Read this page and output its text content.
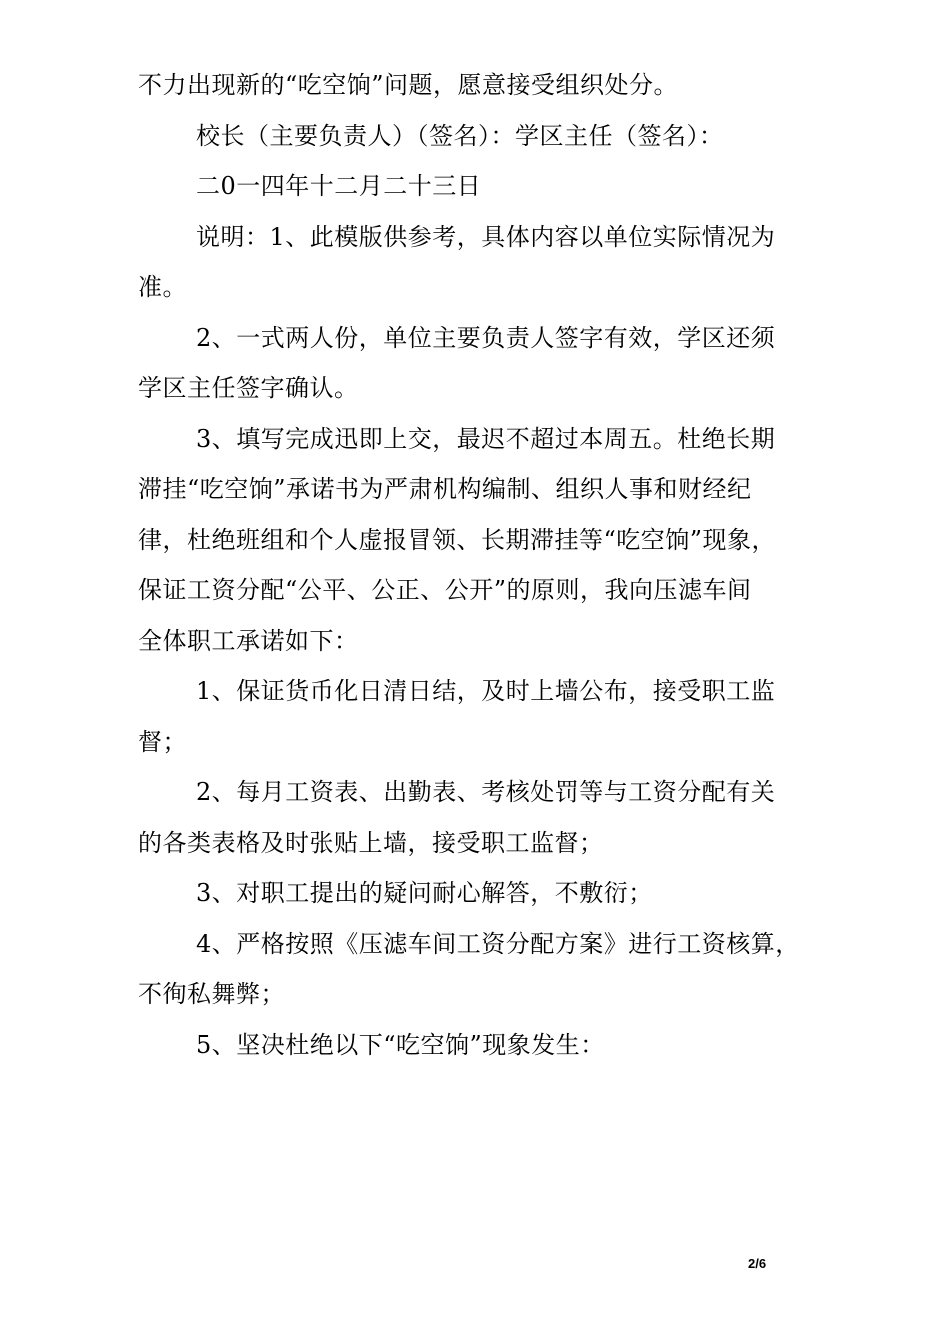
不力出现新的“吃空饷”问题，愿意接受组织处分。
校长（主要负责人）（签名）：学区主任（签名）：
二0一四年十二月二十三日
说明：1、此模版供参考，具体内容以单位实际情况为
准。
2、一式两人份，单位主要负责人签字有效，学区还须
学区主任签字确认。
3、填写完成迅即上交，最迟不超过本周五。杜绝长期
滞挂“吃空饷”承诺书为严肃机构编制、组织人事和财经纪
律，杜绝班组和个人虚报冒领、长期滞挂等“吃空饷”现象，
保证工资分配“公平、公正、公开”的原则，我向压滤车间
全体职工承诺如下：
1、保证货币化日清日结，及时上墙公布，接受职工监
督；
2、每月工资表、出勤表、考核处罚等与工资分配有关
的各类表格及时张贴上墙，接受职工监督；
3、对职工提出的疑问耐心解答，不敷衍；
4、严格按照《压滤车间工资分配方案》进行工资核算，
不徇私舞弊；
5、坚决杜绝以下“吃空饷”现象发生：
2/6
